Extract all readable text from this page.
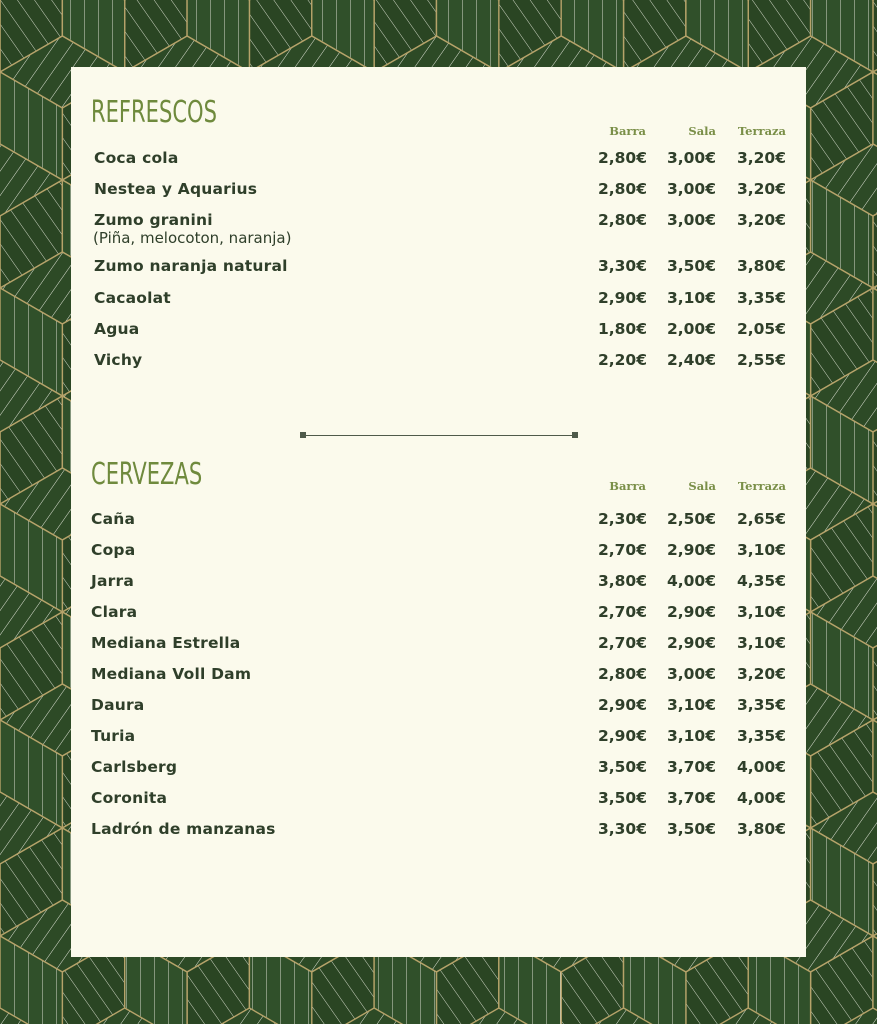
REFRESCOS
Barra	Sala	Terraza
Coca cola	2,80€	3,00€	3,20€
Nestea y Aquarius	2,80€	3,00€	3,20€
Zumo granini
(Piña, melocoton, naranja)
2,80€	3,00€	3,20€
Zumo naranja natural	3,30€	3,50€	3,80€
Cacaolat	2,90€	3,10€	3,35€
Agua	1,80€	2,00€	2,05€
Vichy	2,20€	2,40€	2,55€
CERVEZAS	Barra	Sala	Terraza
Caña	2,30€	2,50€	2,65€
Copa	2,70€	2,90€	3,10€
Jarra	3,80€	4,00€	4,35€
Clara	2,70€	2,90€	3,10€
Mediana Estrella	2,70€	2,90€	3,10€
Mediana Voll Dam	2,80€	3,00€	3,20€
Daura	2,90€	3,10€	3,35€
Turia	2,90€	3,10€	3,35€
Carlsberg	3,50€	3,70€	4,00€
Coronita	3,50€	3,70€	4,00€
Ladrón de manzanas	3,30€	3,50€	3,80€
